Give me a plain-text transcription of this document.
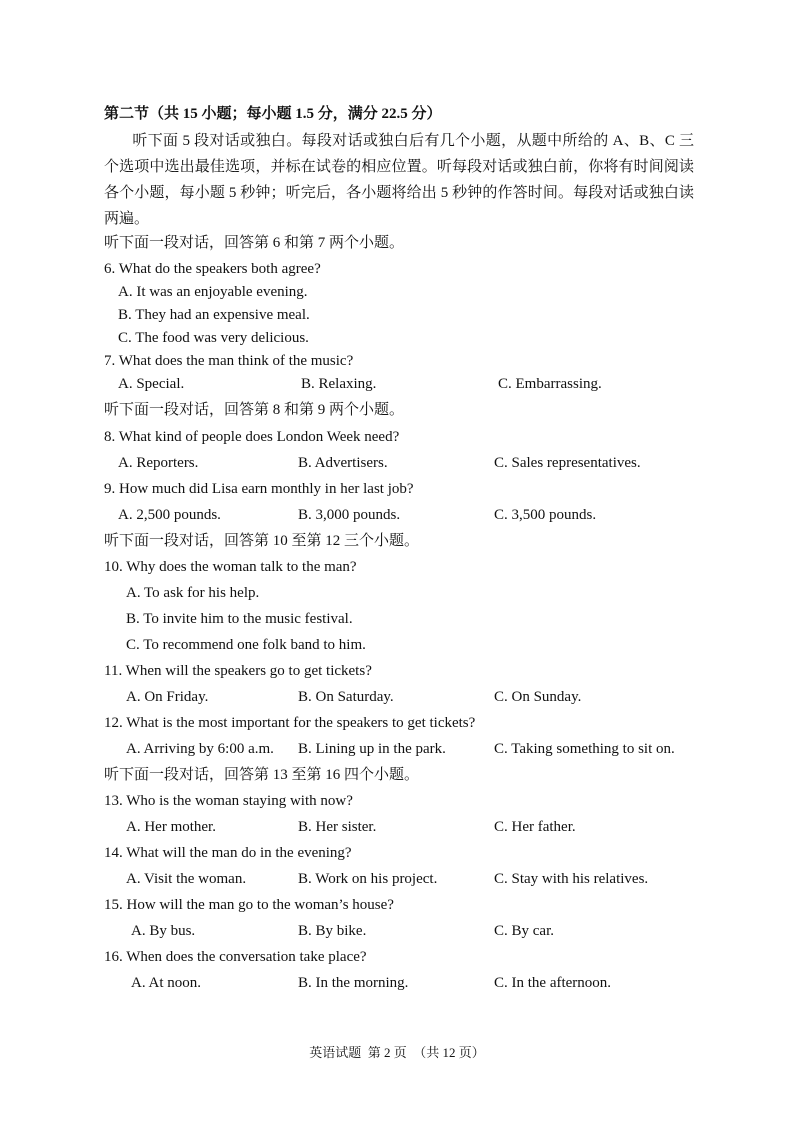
第二节（共 15 小题；每小题 1.5 分，满分 22.5 分）
听下面 5 段对话或独白。每段对话或独白后有几个小题，从题中所给的 A、B、C 三个选项中选出最佳选项，并标在试卷的相应位置。听每段对话或独白前，你将有时间阅读各个小题，每小题 5 秒钟；听完后，各小题将给出 5 秒钟的作答时间。每段对话或独白读两遍。
听下面一段对话，回答第 6 和第 7 两个小题。
6. What do the speakers both agree?
A. It was an enjoyable evening.
B. They had an expensive meal.
C. The food was very delicious.
7. What does the man think of the music?
A. Special.	B. Relaxing.	C. Embarrassing.
听下面一段对话，回答第 8 和第 9 两个小题。
8. What kind of people does London Week need?
A. Reporters.	B. Advertisers.	C. Sales representatives.
9. How much did Lisa earn monthly in her last job?
A. 2,500 pounds.	B. 3,000 pounds.	C. 3,500 pounds.
听下面一段对话，回答第 10 至第 12 三个小题。
10. Why does the woman talk to the man?
A. To ask for his help.
B. To invite him to the music festival.
C. To recommend one folk band to him.
11. When will the speakers go to get tickets?
A. On Friday.	B. On Saturday.	C. On Sunday.
12. What is the most important for the speakers to get tickets?
A. Arriving by 6:00 a.m. B. Lining up in the park.	C. Taking something to sit on.
听下面一段对话，回答第 13 至第 16 四个小题。
13. Who is the woman staying with now?
A. Her mother.	B. Her sister.	C. Her father.
14. What will the man do in the evening?
A. Visit the woman.	B. Work on his project.	C. Stay with his relatives.
15. How will the man go to the woman’s house?
A. By bus.	B. By bike.	C. By car.
16. When does the conversation take place?
A. At noon.	B. In the morning.	C. In the afternoon.
英语试题  第 2 页  （共 12 页）
